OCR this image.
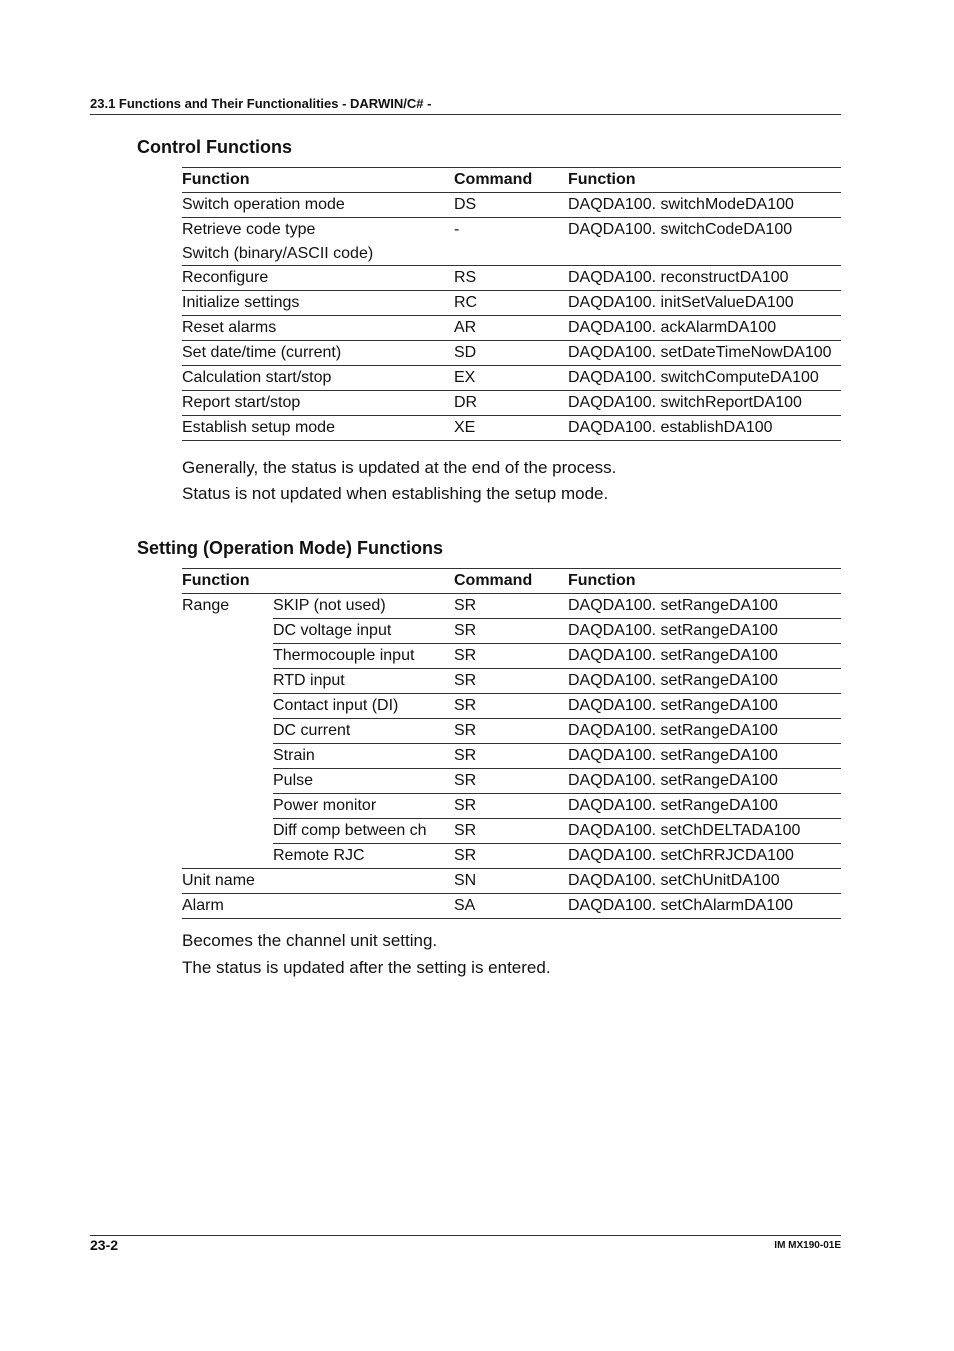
23.1 Functions and Their Functionalities - DARWIN/C# -
Control Functions
Function	Command	Function

Switch operation mode	DS	DAQDA100. switchModeDA100

Retrieve code type
Switch (binary/ASCII code)	-	DAQDA100. switchCodeDA100

Reconfigure	RS	DAQDA100. reconstructDA100

Initialize settings	RC	DAQDA100. initSetValueDA100

Reset alarms	AR	DAQDA100. ackAlarmDA100

Set date/time (current)	SD	DAQDA100. setDateTimeNowDA100

Calculation start/stop	EX	DAQDA100. switchComputeDA100

Report start/stop	DR	DAQDA100. switchReportDA100

Establish setup mode	XE	DAQDA100. establishDA100

Generally, the status is updated at the end of the process.

Status is not updated when establishing the setup mode.

Setting (Operation Mode) Functions
Function		Command	Function
Range	SKIP (not used)	SR	DAQDA100. setRangeDA100
	DC voltage input	SR	DAQDA100. setRangeDA100
	Thermocouple input	SR	DAQDA100. setRangeDA100
	RTD input	SR	DAQDA100. setRangeDA100
	Contact input (DI)	SR	DAQDA100. setRangeDA100
	DC current	SR	DAQDA100. setRangeDA100
	Strain	SR	DAQDA100. setRangeDA100
	Pulse	SR	DAQDA100. setRangeDA100
	Power monitor	SR	DAQDA100. setRangeDA100
	Diff comp between ch	SR	DAQDA100. setChDELTADA100
	Remote RJC	SR	DAQDA100. setChRRJCDA100
Unit name		SN	DAQDA100. setChUnitDA100
Alarm		SA	DAQDA100. setChAlarmDA100

Becomes the channel unit setting.

The status is updated after the setting is entered.

23-2	IM MX190-01E
